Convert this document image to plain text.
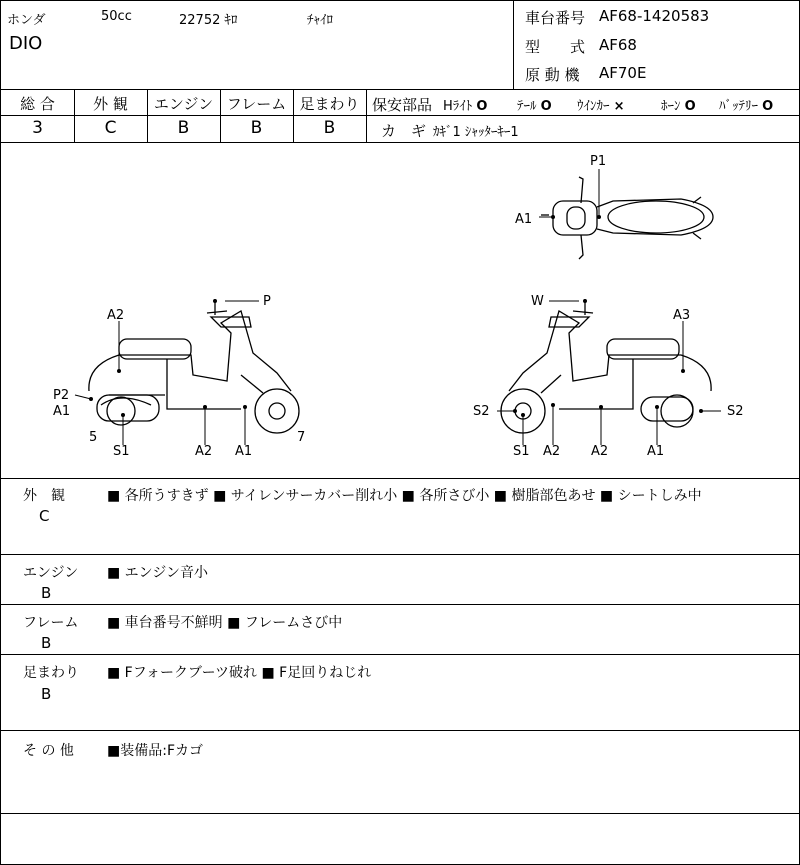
ホンダ	50cc	22752 ｷﾛ	ﾁｬｲﾛ
DIO
車台番号 AF68-1420583
型　　式 AF68
原 動 機 AF70E
総 合	外 観	エンジン フレーム 足まわり
3	C	B	B	B
保安部品 Hﾗｲﾄ O ﾃｰﾙ O ｳｲﾝｶｰ ×	ﾎｰﾝ O ﾊﾞｯﾃﾘｰ O
カ　ギ ｶｷﾞ1 ｼｬｯﾀｰｷｰ1
P1
A1
A2
P
P2
A1
5
S1	A2 A1
7
W
A3
S2	S2
S1 A2 A2	A1
外　観
C
■ 各所うすきず ■ サイレンサーカバー削れ小 ■ 各所さび小 ■ 樹脂部色あせ ■ シートしみ中
エンジン
B
■ エンジン音小
フレーム
B
■ 車台番号不鮮明 ■ フレームさび中
足まわり
B
■ Fフォークブーツ破れ ■ F足回りねじれ
そ の 他 ■装備品:Fカゴ
